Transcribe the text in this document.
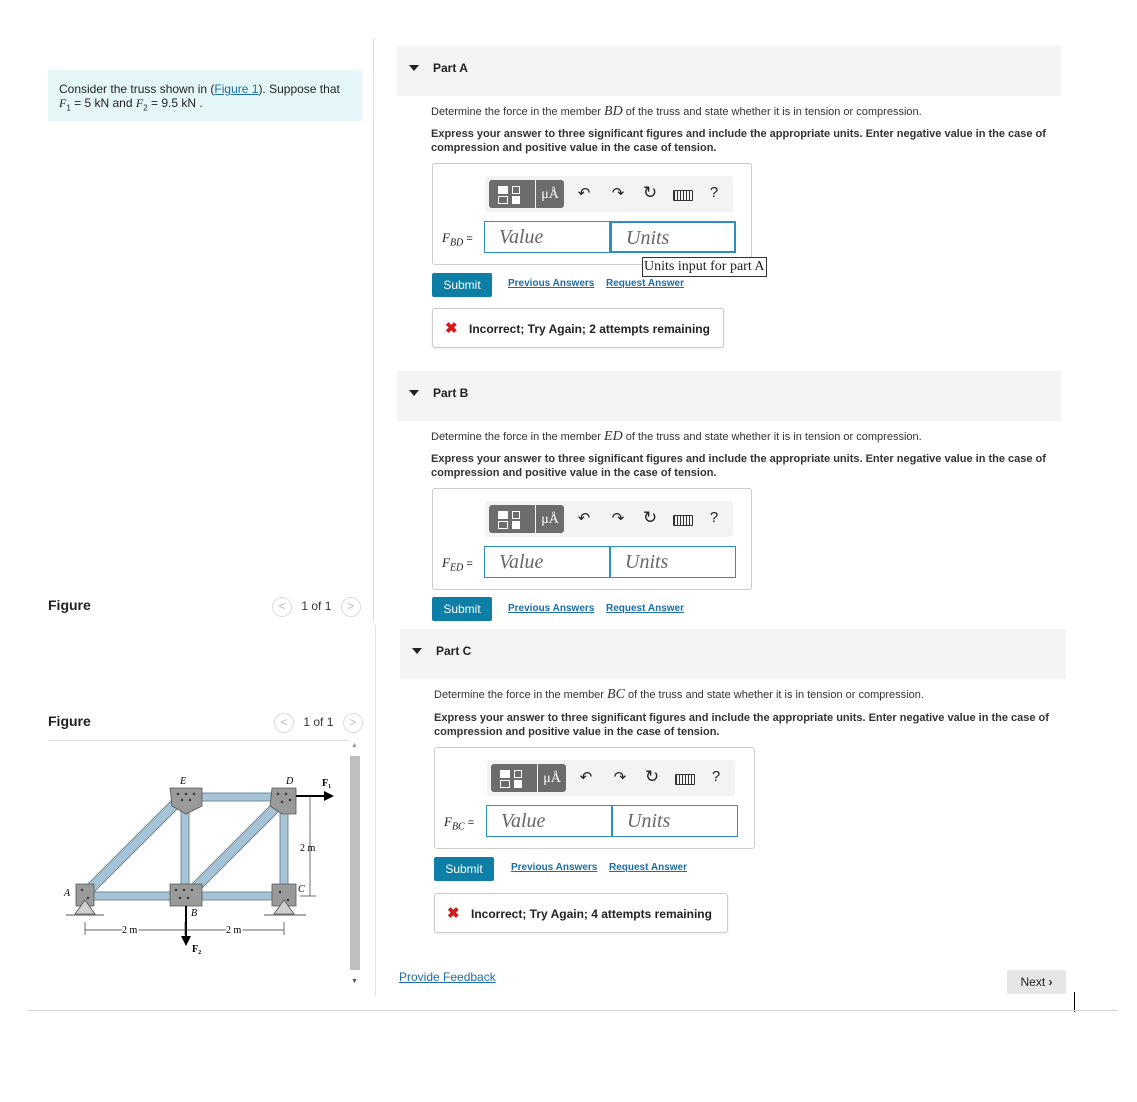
Consider the truss shown in (Figure 1). Suppose that
$F_1 = 5$ kN and $F_2 = 9.5$ kN .
Figure	< 1 of 1 >
Figure	< 1 of 1 >
A
B
C
D
E	$F_1$
$F_2$
2 m	2 m
2 m
▲
▼
Part A
Determine the force in the member BD of the truss and state whether it is in tension or compression.
Express your answer to three significant figures and include the appropriate units. Enter negative value in the case of compression and positive value in the case of tension.
μÅ	↶ ↷ ↻	?
$F_{BD}$ =	Value	Units
Units input for part A
Submit	Previous Answers Request Answer
✖ Incorrect; Try Again; 2 attempts remaining
Part B
Determine the force in the member ED of the truss and state whether it is in tension or compression.
Express your answer to three significant figures and include the appropriate units. Enter negative value in the case of compression and positive value in the case of tension.
μÅ	↶ ↷ ↻	?
$F_{ED}$ =	Value	Units
Submit	Previous Answers Request Answer
Part C
Determine the force in the member BC of the truss and state whether it is in tension or compression.
Express your answer to three significant figures and include the appropriate units. Enter negative value in the case of compression and positive value in the case of tension.
μÅ	↶ ↷ ↻	?
$F_{BC}$ =	Value	Units
Submit	Previous Answers Request Answer
✖ Incorrect; Try Again; 4 attempts remaining
Provide Feedback	Next ›
